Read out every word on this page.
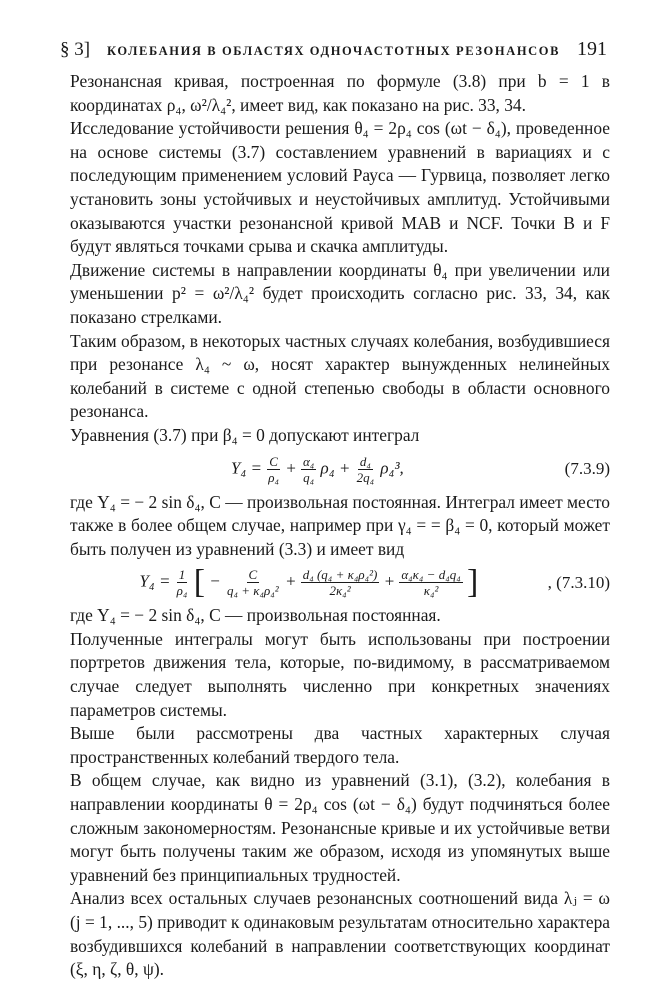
§ 3] КОЛЕБАНИЯ В ОБЛАСТЯХ ОДНОЧАСТОТНЫХ РЕЗОНАНСОВ 191

Резонансная кривая, построенная по формуле (3.8) при b = 1 в координатах ρ₄, ω²/λ₄², имеет вид, как показано на рис. 33, 34.

Исследование устойчивости решения θ₄ = 2ρ₄ cos (ωt − δ₄), проведенное на основе системы (3.7) составлением уравнений в вариациях и с последующим применением условий Рауса — Гурвица, позволяет легко установить зоны устойчивых и неустойчивых амплитуд. Устойчивыми оказываются участки резонансной кривой MAB и NCF. Точки B и F будут являться точками срыва и скачка амплитуды.

Движение системы в направлении координаты θ₄ при увеличении или уменьшении p² = ω²/λ₄² будет происходить согласно рис. 33, 34, как показано стрелками.

Таким образом, в некоторых частных случаях колебания, возбудившиеся при резонансе λ₄ ~ ω, носят характер вынужденных нелинейных колебаний в системе с одной степенью свободы в области основного резонанса.

Уравнения (3.7) при β₄ = 0 допускают интеграл

$Y_4 = \frac{C}{\text{ρ₄}} + \frac{\text{α₄}}{\text{q₄}} \rho_4 + \frac{\text{d₄}}{\text{2q₄}} \rho_4^3$,	(7.3.9)

где Y₄ = − 2 sin δ₄, C — произвольная постоянная. Интеграл имеет место также в более общем случае, например при γ₄ = = β₄ = 0, который может быть получен из уравнений (3.3) и имеет вид

$Y_4 = \frac{1}{\text{ρ₄}}$ [ − $\frac{C}{\text{q₄ + κ₄ρ₄²}} + \frac{\text{d₄ (q₄ + κ₄ρ₄²)}}{\text{2κ₄²}} + \frac{\text{α₄κ₄ − d₄q₄}}{\text{κ₄²}}$ ]	, (7.3.10)

где Y₄ = − 2 sin δ₄, C — произвольная постоянная.

Полученные интегралы могут быть использованы при построении портретов движения тела, которые, по-видимому, в рассматриваемом случае следует выполнять численно при конкретных значениях параметров системы.

Выше были рассмотрены два частных характерных случая пространственных колебаний твердого тела.

В общем случае, как видно из уравнений (3.1), (3.2), колебания в направлении координаты θ = 2ρ₄ cos (ωt − δ₄) будут подчиняться более сложным закономерностям. Резонансные кривые и их устойчивые ветви могут быть получены таким же образом, исходя из упомянутых выше уравнений без принципиальных трудностей.

Анализ всех остальных случаев резонансных соотношений вида λⱼ = ω (j = 1, ..., 5) приводит к одинаковым результатам относительно характера возбудившихся колебаний в направлении соответствующих координат (ξ, η, ζ, θ, ψ).
